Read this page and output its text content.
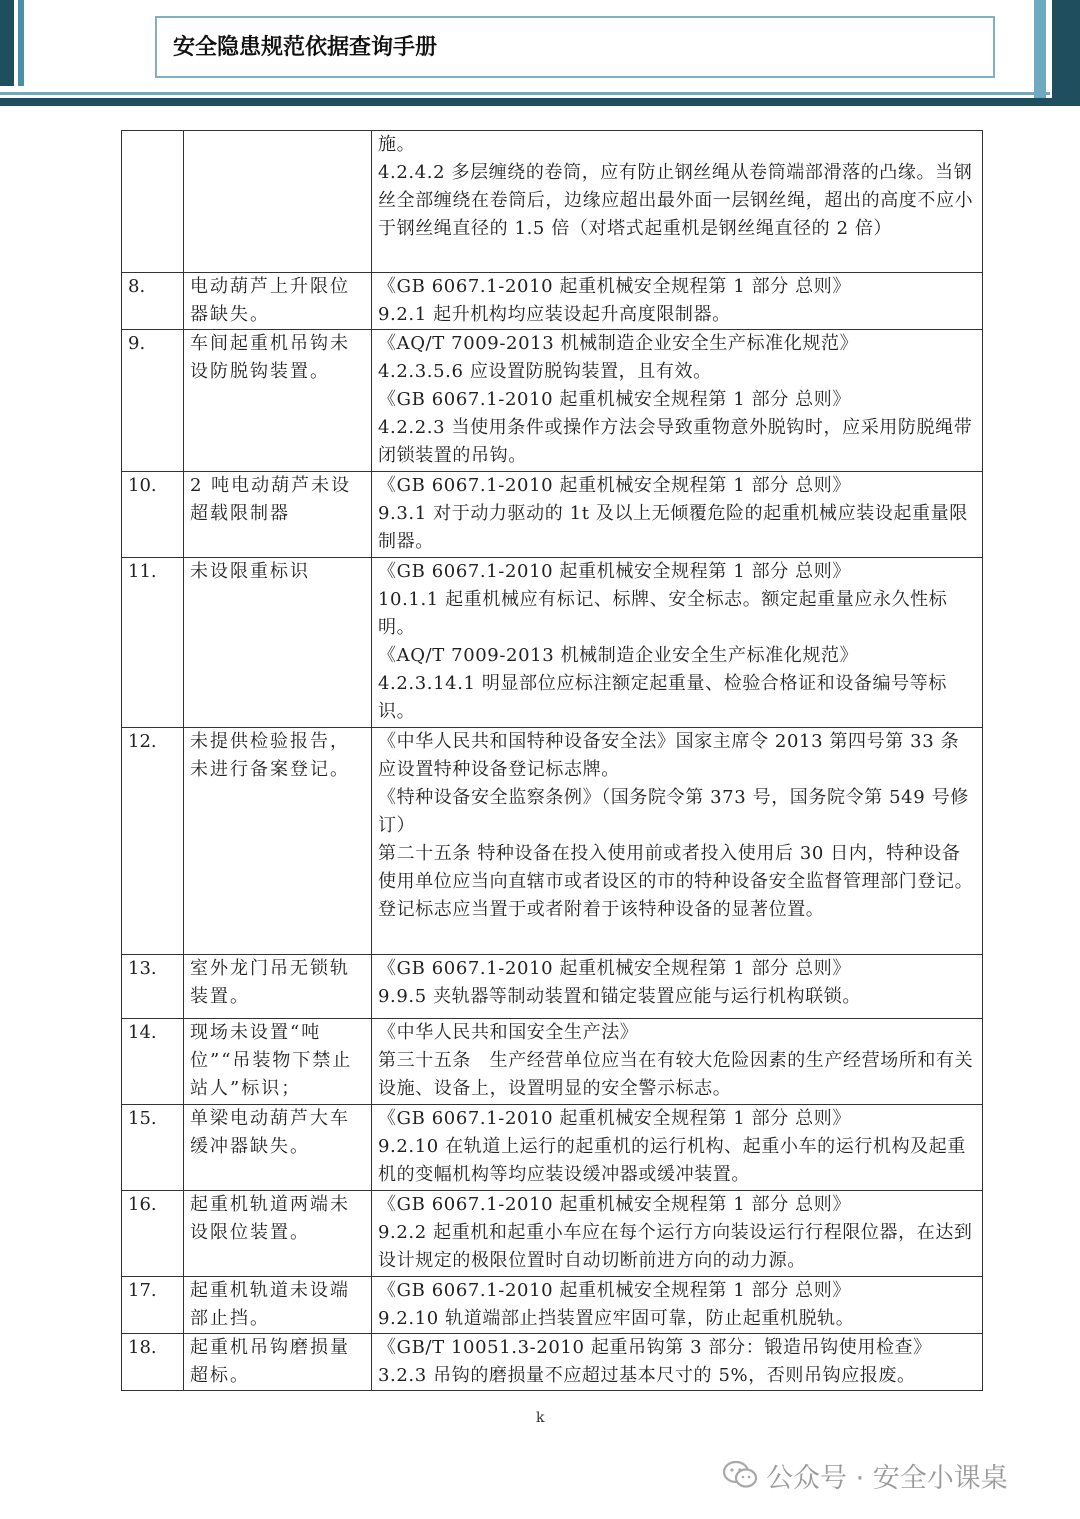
安全隐患规范依据查询手册

		施。

4.2.4.2 多层缠绕的卷筒，应有防止钢丝绳从卷筒端部滑落的凸缘。当钢丝全部缠绕在卷筒后，边缘应超出最外面一层钢丝绳，超出的高度不应小于钢丝绳直径的 1.5 倍（对塔式起重机是钢丝绳直径的 2 倍）

8.	电动葫芦上升限位器缺失。	《GB 6067.1-2010 起重机械安全规程第 1 部分 总则》

9.2.1 起升机构均应装设起升高度限制器。

9.	车间起重机吊钩未设防脱钩装置。	《AQ/T 7009-2013 机械制造企业安全生产标准化规范》

4.2.3.5.6 应设置防脱钩装置，且有效。

《GB 6067.1-2010 起重机械安全规程第 1 部分 总则》

4.2.2.3 当使用条件或操作方法会导致重物意外脱钩时，应采用防脱绳带闭锁装置的吊钩。

10.	2 吨电动葫芦未设超载限制器	《GB 6067.1-2010 起重机械安全规程第 1 部分 总则》

9.3.1 对于动力驱动的 1t 及以上无倾覆危险的起重机械应装设起重量限制器。

11.	未设限重标识	《GB 6067.1-2010 起重机械安全规程第 1 部分 总则》

10.1.1 起重机械应有标记、标牌、安全标志。额定起重量应永久性标明。

《AQ/T 7009-2013 机械制造企业安全生产标准化规范》

4.2.3.14.1 明显部位应标注额定起重量、检验合格证和设备编号等标识。

12.	未提供检验报告，未进行备案登记。	《中华人民共和国特种设备安全法》国家主席令 2013 第四号第 33 条 应设置特种设备登记标志牌。

《特种设备安全监察条例》（国务院令第 373 号，国务院令第 549 号修订）

第二十五条 特种设备在投入使用前或者投入使用后 30 日内，特种设备使用单位应当向直辖市或者设区的市的特种设备安全监督管理部门登记。登记标志应当置于或者附着于该特种设备的显著位置。

13.	室外龙门吊无锁轨装置。	《GB 6067.1-2010 起重机械安全规程第 1 部分 总则》

9.9.5 夹轨器等制动装置和锚定装置应能与运行机构联锁。

14.	现场未设置“吨位”“吊装物下禁止站人”标识；	《中华人民共和国安全生产法》

第三十五条　生产经营单位应当在有较大危险因素的生产经营场所和有关设施、设备上，设置明显的安全警示标志。

15.	单梁电动葫芦大车缓冲器缺失。	《GB 6067.1-2010 起重机械安全规程第 1 部分 总则》

9.2.10 在轨道上运行的起重机的运行机构、起重小车的运行机构及起重机的变幅机构等均应装设缓冲器或缓冲装置。

16.	起重机轨道两端未设限位装置。	《GB 6067.1-2010 起重机械安全规程第 1 部分 总则》

9.2.2 起重机和起重小车应在每个运行方向装设运行行程限位器，在达到设计规定的极限位置时自动切断前进方向的动力源。

17.	起重机轨道未设端部止挡。	《GB 6067.1-2010 起重机械安全规程第 1 部分 总则》

9.2.10 轨道端部止挡装置应牢固可靠，防止起重机脱轨。

18.	起重机吊钩磨损量超标。	《GB/T 10051.3-2010 起重吊钩第 3 部分：锻造吊钩使用检查》

3.2.3 吊钩的磨损量不应超过基本尺寸的 5%，否则吊钩应报废。

k
公众号 · 安全小课桌
